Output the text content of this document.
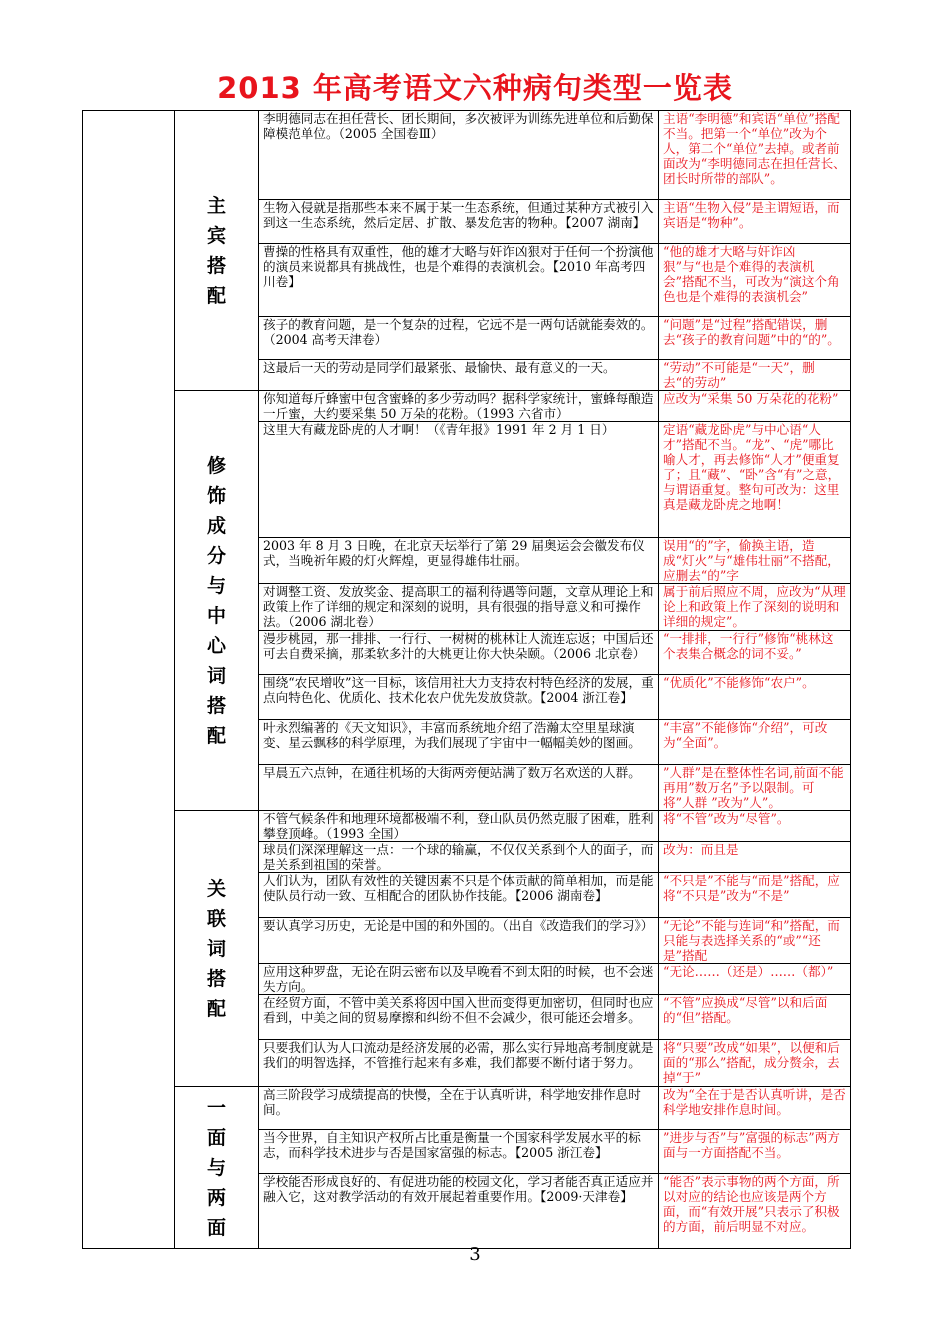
2013 年高考语文六种病句类型一览表
	主宾搭配	李明德同志在担任营长、团长期间，多次被评为训练先进单位和后勤保障模范单位。（2005 全国卷Ⅲ）	主语“李明德”和宾语“单位”搭配不当。把第一个“单位”改为个人，第二个“单位”去掉。或者前面改为“李明德同志在担任营长、团长时所带的部队”。
		生物入侵就是指那些本来不属于某一生态系统，但通过某种方式被引入到这一生态系统，然后定居、扩散、暴发危害的物种。【2007 湖南】	主语“生物入侵”是主谓短语，而宾语是“物种”。
		曹操的性格具有双重性，他的雄才大略与奸诈凶狠对于任何一个扮演他的演员来说都具有挑战性，也是个难得的表演机会。【2010 年高考四川卷】	“他的雄才大略与奸诈凶狠”与“也是个难得的表演机会”搭配不当，可改为“演这个角色也是个难得的表演机会”
		孩子的教育问题，是一个复杂的过程，它远不是一两句话就能奏效的。（2004 高考天津卷）	“问题”是“过程”搭配错误，删去“孩子的教育问题”中的“的”。
		这最后一天的劳动是同学们最紧张、最愉快、最有意义的一天。	“劳动”不可能是“一天”，删去“的劳动”
	修饰成分与中心词搭配	你知道每斤蜂蜜中包含蜜蜂的多少劳动吗？据科学家统计，蜜蜂每酿造一斤蜜，大约要采集 50 万朵的花粉。（1993 六省市）	应改为“采集 50 万朵花的花粉”
		这里大有藏龙卧虎的人才啊！（《青年报》1991 年 2 月 1 日）	定语“藏龙卧虎”与中心语“人才”搭配不当。“龙”、“虎”哪比喻人才，再去修饰“人才”便重复了；且“藏”、“卧”含“有”之意，与谓语重复。整句可改为：这里真是藏龙卧虎之地啊！
		2003 年 8 月 3 日晚，在北京天坛举行了第 29 届奥运会会徽发布仪式，当晚祈年殿的灯火辉煌，更显得雄伟壮丽。	误用“的”字，偷换主语，造成“灯火”与“雄伟壮丽”不搭配，应删去“的”字
		对调整工资、发放奖金、提高职工的福利待遇等问题，文章从理论上和政策上作了详细的规定和深刻的说明，具有很强的指导意义和可操作法。（2006 湖北卷）	属于前后照应不周，应改为“从理论上和政策上作了深刻的说明和详细的规定”。
		漫步桃园，那一排排、一行行、一树树的桃林让人流连忘返；中国后还可去自费采摘，那柔软多汁的大桃更让你大快朵颐。（2006 北京卷）	“一排排，一行行”修饰“桃林这个表集合概念的词不妥。”
		围绕“农民增收”这一目标，该信用社大力支持农村特色经济的发展，重点向特色化、优质化、技术化农户优先发放贷款。【2004 浙江卷】	“优质化”不能修饰“农户”。
		叶永烈编著的《天文知识》，丰富而系统地介绍了浩瀚太空里星球演变、星云飘移的科学原理，为我们展现了宇宙中一幅幅美妙的图画。	“丰富”不能修饰“介绍”，可改为“全面”。
		早晨五六点钟，在通往机场的大街两旁便站满了数万名欢送的人群。	”人群”是在整体性名词,前面不能再用”数万名”予以限制。可将”人群 ”改为”人”。
	关联词搭配	不管气候条件和地理环境都极端不利，登山队员仍然克服了困难，胜利攀登顶峰。（1993 全国）	将“不管”改为“尽管”。
		球员们深深理解这一点：一个球的输赢，不仅仅关系到个人的面子，而是关系到祖国的荣誉。	改为：而且是
		人们认为，团队有效性的关键因素不只是个体贡献的简单相加，而是能使队员行动一致、互相配合的团队协作技能。【2006 湖南卷】	“不只是”不能与“而是”搭配，应将“不只是”改为“不是”
		要认真学习历史，无论是中国的和外国的。（出自《改造我们的学习》）	“无论”不能与连词“和”搭配，而只能与表选择关系的“或”“还是”搭配
		应用这种罗盘，无论在阴云密布以及早晚看不到太阳的时候，也不会迷失方向。	“无论……（还是）……（都）”
		在经贸方面，不管中美关系将因中国入世而变得更加密切，但同时也应看到，中美之间的贸易摩擦和纠纷不但不会减少，很可能还会增多。	“不管”应换成“尽管”以和后面的“但”搭配。
		只要我们认为人口流动是经济发展的必需，那么实行异地高考制度就是我们的明智选择，不管推行起来有多难，我们都要不断付诸于努力。	将“只要”改成“如果”，以便和后面的“那么”搭配，成分赘余，去掉“于”
	一面与两面	高三阶段学习成绩提高的快慢，全在于认真听讲，科学地安排作息时间。	改为“全在于是否认真听讲，是否科学地安排作息时间。
		当今世界，自主知识产权所占比重是衡量一个国家科学发展水平的标志，而科学技术进步与否是国家富强的标志。【2005 浙江卷】	”进步与否”与”富强的标志”两方面与一方面搭配不当。
		学校能否形成良好的、有促进功能的校园文化，学习者能否真正适应并融入它，这对教学活动的有效开展起着重要作用。【2009·天津卷】	“能否”表示事物的两个方面，所以对应的结论也应该是两个方面，而“有效开展”只表示了积极的方面，前后明显不对应。
3
